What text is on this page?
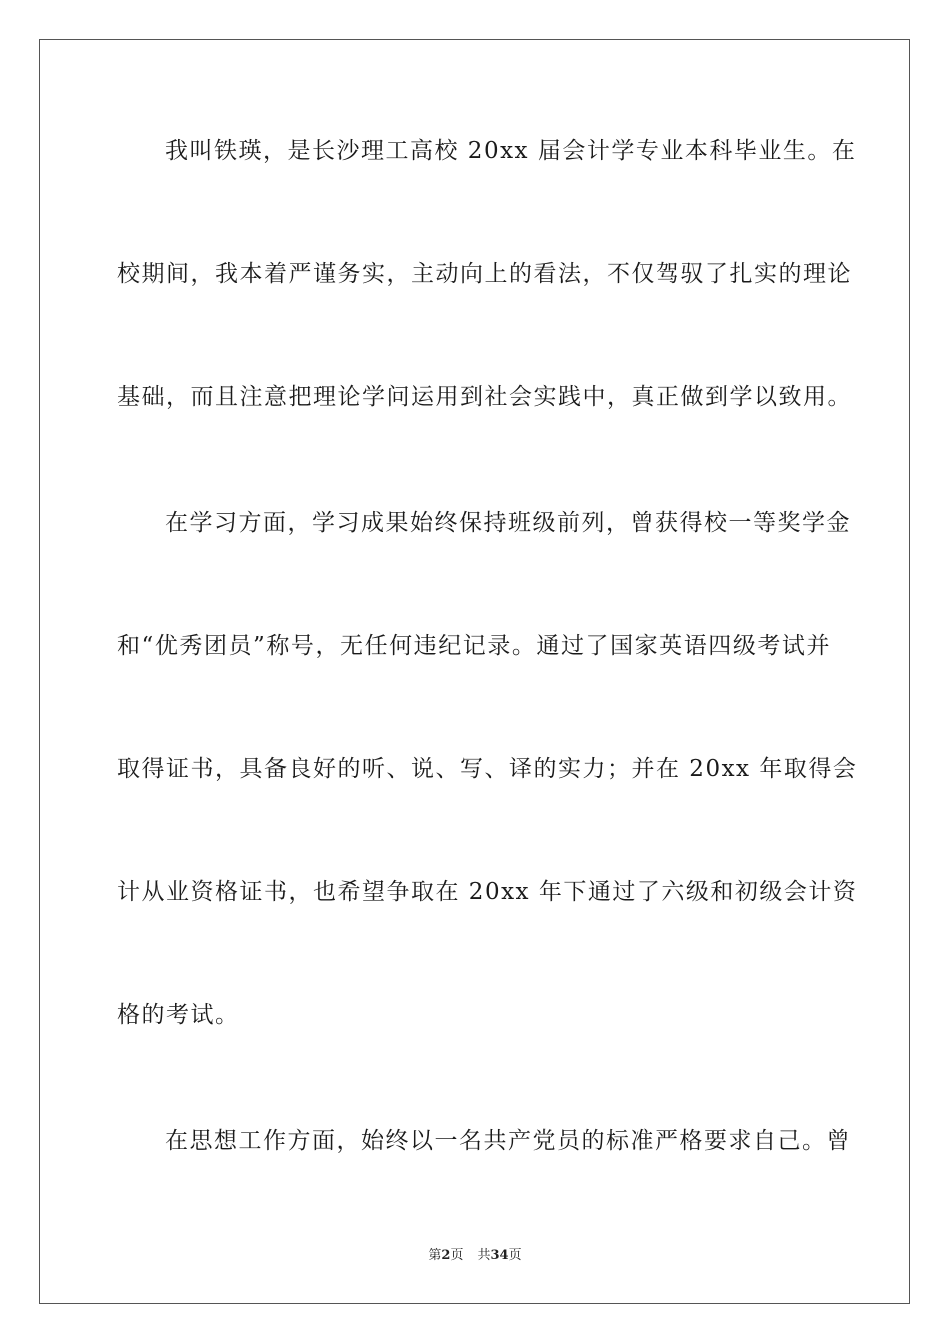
我叫铁瑛，是长沙理工高校 20xx 届会计学专业本科毕业生。在
校期间，我本着严谨务实，主动向上的看法，不仅驾驭了扎实的理论
基础，而且注意把理论学问运用到社会实践中，真正做到学以致用。
在学习方面，学习成果始终保持班级前列，曾获得校一等奖学金
和“优秀团员”称号，无任何违纪记录。通过了国家英语四级考试并
取得证书，具备良好的听、说、写、译的实力；并在 20xx 年取得会
计从业资格证书，也希望争取在 20xx 年下通过了六级和初级会计资
格的考试。
在思想工作方面，始终以一名共产党员的标准严格要求自己。曾
第2页 共34页
